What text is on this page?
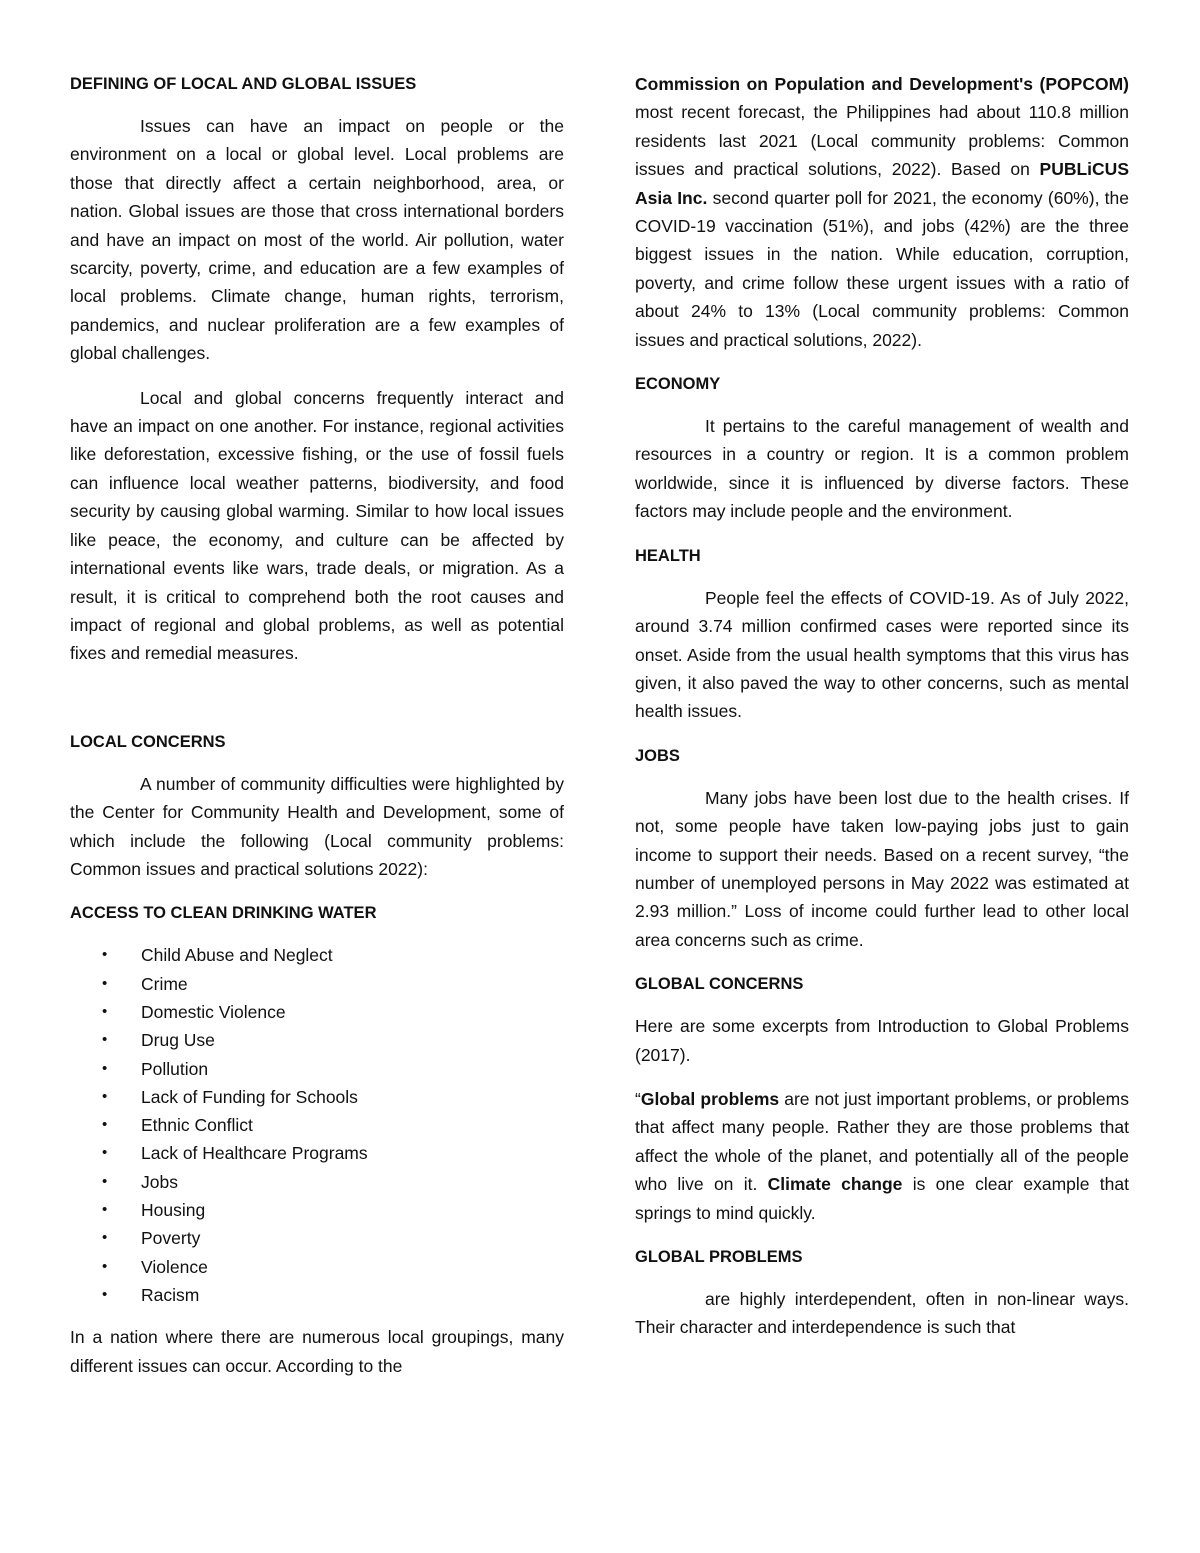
DEFINING OF LOCAL AND GLOBAL ISSUES

Issues can have an impact on people or the environment on a local or global level. Local problems are those that directly affect a certain neighborhood, area, or nation. Global issues are those that cross international borders and have an impact on most of the world. Air pollution, water scarcity, poverty, crime, and education are a few examples of local problems. Climate change, human rights, terrorism, pandemics, and nuclear proliferation are a few examples of global challenges.

Local and global concerns frequently interact and have an impact on one another. For instance, regional activities like deforestation, excessive fishing, or the use of fossil fuels can influence local weather patterns, biodiversity, and food security by causing global warming. Similar to how local issues like peace, the economy, and culture can be affected by international events like wars, trade deals, or migration. As a result, it is critical to comprehend both the root causes and impact of regional and global problems, as well as potential fixes and remedial measures.

LOCAL CONCERNS

A number of community difficulties were highlighted by the Center for Community Health and Development, some of which include the following (Local community problems: Common issues and practical solutions 2022):

ACCESS TO CLEAN DRINKING WATER
• Child Abuse and Neglect
• Crime
• Domestic Violence
• Drug Use
• Pollution
• Lack of Funding for Schools
• Ethnic Conflict
• Lack of Healthcare Programs
• Jobs
• Housing
• Poverty
• Violence
• Racism

In a nation where there are numerous local groupings, many different issues can occur. According to the

Commission on Population and Development's (POPCOM) most recent forecast, the Philippines had about 110.8 million residents last 2021 (Local community problems: Common issues and practical solutions, 2022). Based on PUBLiCUS Asia Inc. second quarter poll for 2021, the economy (60%), the COVID-19 vaccination (51%), and jobs (42%) are the three biggest issues in the nation. While education, corruption, poverty, and crime follow these urgent issues with a ratio of about 24% to 13% (Local community problems: Common issues and practical solutions, 2022).

ECONOMY

It pertains to the careful management of wealth and resources in a country or region. It is a common problem worldwide, since it is influenced by diverse factors. These factors may include people and the environment.

HEALTH

People feel the effects of COVID-19. As of July 2022, around 3.74 million confirmed cases were reported since its onset. Aside from the usual health symptoms that this virus has given, it also paved the way to other concerns, such as mental health issues.

JOBS

Many jobs have been lost due to the health crises. If not, some people have taken low-paying jobs just to gain income to support their needs. Based on a recent survey, “the number of unemployed persons in May 2022 was estimated at 2.93 million.” Loss of income could further lead to other local area concerns such as crime.

GLOBAL CONCERNS

Here are some excerpts from Introduction to Global Problems (2017).

“Global problems are not just important problems, or problems that affect many people. Rather they are those problems that affect the whole of the planet, and potentially all of the people who live on it. Climate change is one clear example that springs to mind quickly.

GLOBAL PROBLEMS

are highly interdependent, often in non-linear ways. Their character and interdependence is such that
